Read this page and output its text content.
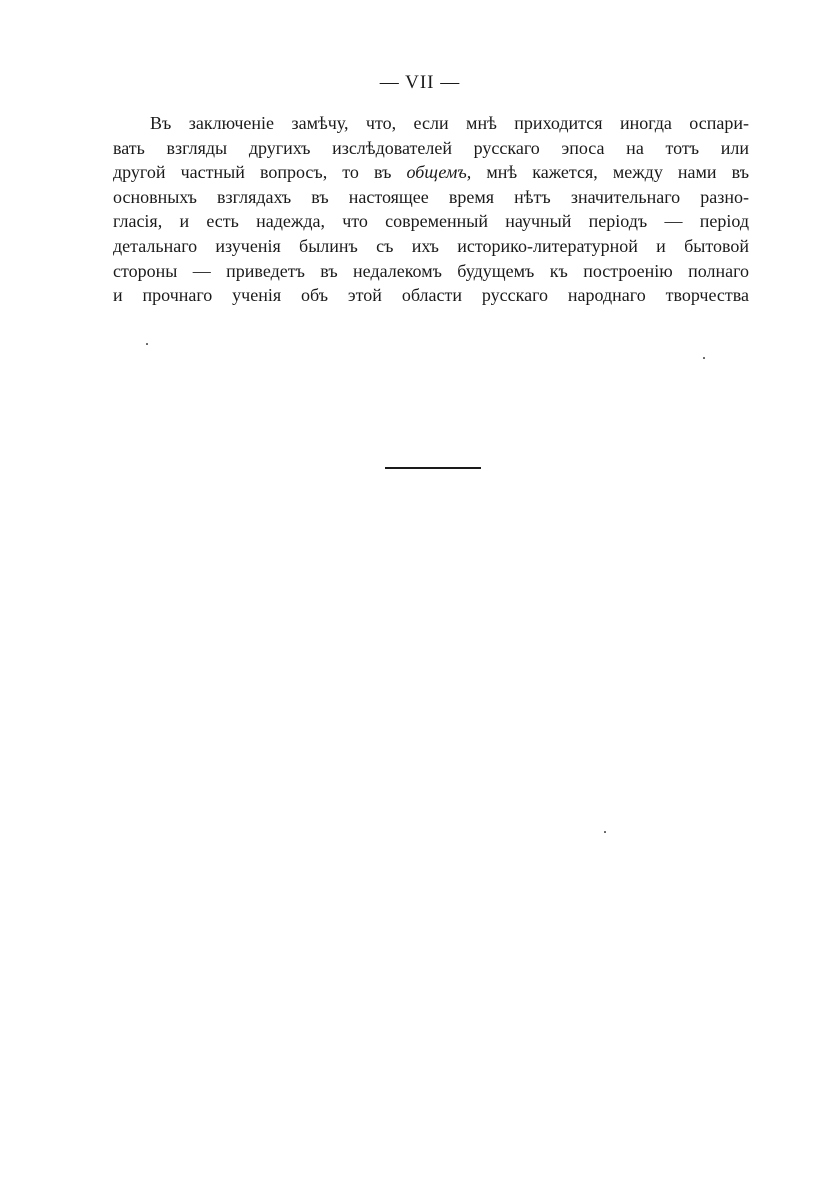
— VII —
Въ заключеніе замѣчу, что, если мнѣ приходится иногда оспари-
вать взгляды другихъ изслѣдователей русскаго эпоса на тотъ или
другой частный вопросъ, то въ общемъ, мнѣ кажется, между нами въ
основныхъ взглядахъ въ настоящее время нѣтъ значительнаго разно-
гласія, и есть надежда, что современный научный періодъ — період
детальнаго изученія былинъ съ ихъ историко-литературной и бытовой
стороны — приведетъ въ недалекомъ будущемъ къ построенію полнаго
и прочнаго ученія объ этой области русскаго народнаго творчества
